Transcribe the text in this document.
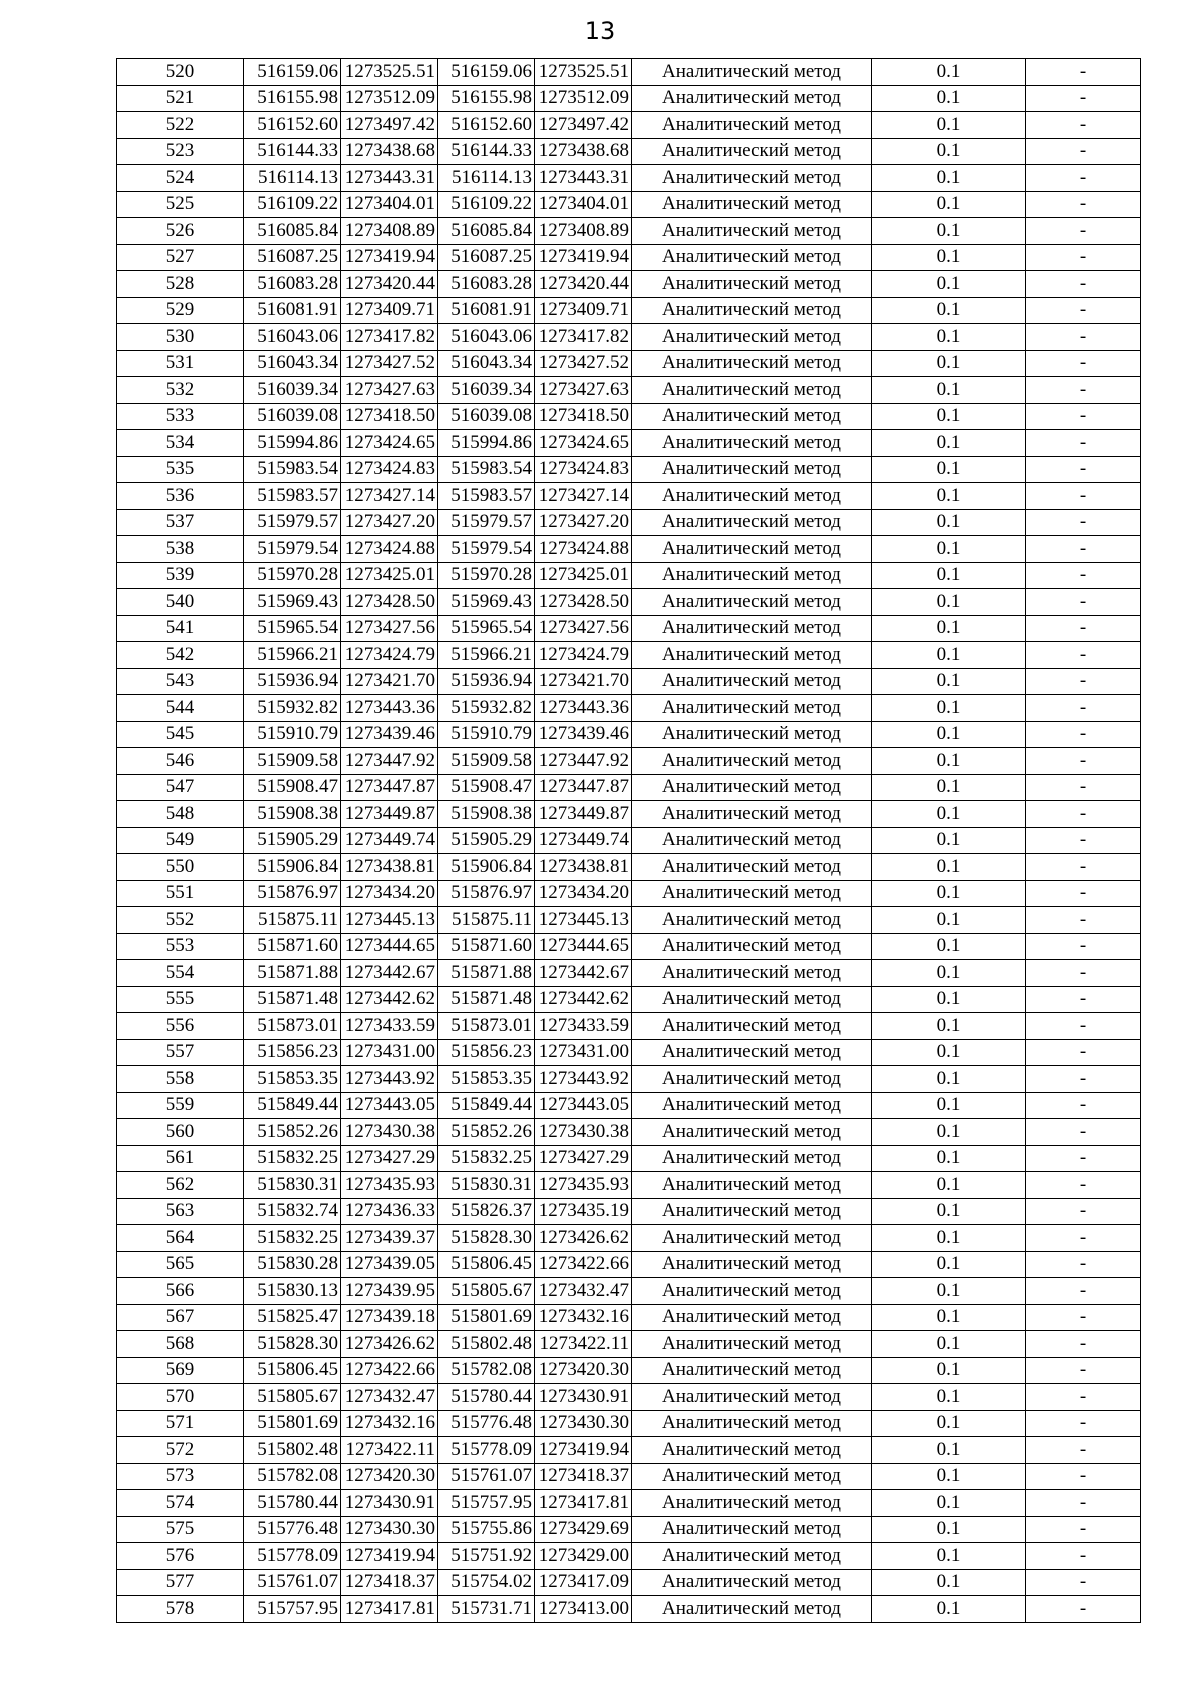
13
520	516159.06	1273525.51	516159.06	1273525.51	Аналитический метод	0.1	-
521	516155.98	1273512.09	516155.98	1273512.09	Аналитический метод	0.1	-
522	516152.60	1273497.42	516152.60	1273497.42	Аналитический метод	0.1	-
523	516144.33	1273438.68	516144.33	1273438.68	Аналитический метод	0.1	-
524	516114.13	1273443.31	516114.13	1273443.31	Аналитический метод	0.1	-
525	516109.22	1273404.01	516109.22	1273404.01	Аналитический метод	0.1	-
526	516085.84	1273408.89	516085.84	1273408.89	Аналитический метод	0.1	-
527	516087.25	1273419.94	516087.25	1273419.94	Аналитический метод	0.1	-
528	516083.28	1273420.44	516083.28	1273420.44	Аналитический метод	0.1	-
529	516081.91	1273409.71	516081.91	1273409.71	Аналитический метод	0.1	-
530	516043.06	1273417.82	516043.06	1273417.82	Аналитический метод	0.1	-
531	516043.34	1273427.52	516043.34	1273427.52	Аналитический метод	0.1	-
532	516039.34	1273427.63	516039.34	1273427.63	Аналитический метод	0.1	-
533	516039.08	1273418.50	516039.08	1273418.50	Аналитический метод	0.1	-
534	515994.86	1273424.65	515994.86	1273424.65	Аналитический метод	0.1	-
535	515983.54	1273424.83	515983.54	1273424.83	Аналитический метод	0.1	-
536	515983.57	1273427.14	515983.57	1273427.14	Аналитический метод	0.1	-
537	515979.57	1273427.20	515979.57	1273427.20	Аналитический метод	0.1	-
538	515979.54	1273424.88	515979.54	1273424.88	Аналитический метод	0.1	-
539	515970.28	1273425.01	515970.28	1273425.01	Аналитический метод	0.1	-
540	515969.43	1273428.50	515969.43	1273428.50	Аналитический метод	0.1	-
541	515965.54	1273427.56	515965.54	1273427.56	Аналитический метод	0.1	-
542	515966.21	1273424.79	515966.21	1273424.79	Аналитический метод	0.1	-
543	515936.94	1273421.70	515936.94	1273421.70	Аналитический метод	0.1	-
544	515932.82	1273443.36	515932.82	1273443.36	Аналитический метод	0.1	-
545	515910.79	1273439.46	515910.79	1273439.46	Аналитический метод	0.1	-
546	515909.58	1273447.92	515909.58	1273447.92	Аналитический метод	0.1	-
547	515908.47	1273447.87	515908.47	1273447.87	Аналитический метод	0.1	-
548	515908.38	1273449.87	515908.38	1273449.87	Аналитический метод	0.1	-
549	515905.29	1273449.74	515905.29	1273449.74	Аналитический метод	0.1	-
550	515906.84	1273438.81	515906.84	1273438.81	Аналитический метод	0.1	-
551	515876.97	1273434.20	515876.97	1273434.20	Аналитический метод	0.1	-
552	515875.11	1273445.13	515875.11	1273445.13	Аналитический метод	0.1	-
553	515871.60	1273444.65	515871.60	1273444.65	Аналитический метод	0.1	-
554	515871.88	1273442.67	515871.88	1273442.67	Аналитический метод	0.1	-
555	515871.48	1273442.62	515871.48	1273442.62	Аналитический метод	0.1	-
556	515873.01	1273433.59	515873.01	1273433.59	Аналитический метод	0.1	-
557	515856.23	1273431.00	515856.23	1273431.00	Аналитический метод	0.1	-
558	515853.35	1273443.92	515853.35	1273443.92	Аналитический метод	0.1	-
559	515849.44	1273443.05	515849.44	1273443.05	Аналитический метод	0.1	-
560	515852.26	1273430.38	515852.26	1273430.38	Аналитический метод	0.1	-
561	515832.25	1273427.29	515832.25	1273427.29	Аналитический метод	0.1	-
562	515830.31	1273435.93	515830.31	1273435.93	Аналитический метод	0.1	-
563	515832.74	1273436.33	515826.37	1273435.19	Аналитический метод	0.1	-
564	515832.25	1273439.37	515828.30	1273426.62	Аналитический метод	0.1	-
565	515830.28	1273439.05	515806.45	1273422.66	Аналитический метод	0.1	-
566	515830.13	1273439.95	515805.67	1273432.47	Аналитический метод	0.1	-
567	515825.47	1273439.18	515801.69	1273432.16	Аналитический метод	0.1	-
568	515828.30	1273426.62	515802.48	1273422.11	Аналитический метод	0.1	-
569	515806.45	1273422.66	515782.08	1273420.30	Аналитический метод	0.1	-
570	515805.67	1273432.47	515780.44	1273430.91	Аналитический метод	0.1	-
571	515801.69	1273432.16	515776.48	1273430.30	Аналитический метод	0.1	-
572	515802.48	1273422.11	515778.09	1273419.94	Аналитический метод	0.1	-
573	515782.08	1273420.30	515761.07	1273418.37	Аналитический метод	0.1	-
574	515780.44	1273430.91	515757.95	1273417.81	Аналитический метод	0.1	-
575	515776.48	1273430.30	515755.86	1273429.69	Аналитический метод	0.1	-
576	515778.09	1273419.94	515751.92	1273429.00	Аналитический метод	0.1	-
577	515761.07	1273418.37	515754.02	1273417.09	Аналитический метод	0.1	-
578	515757.95	1273417.81	515731.71	1273413.00	Аналитический метод	0.1	-
